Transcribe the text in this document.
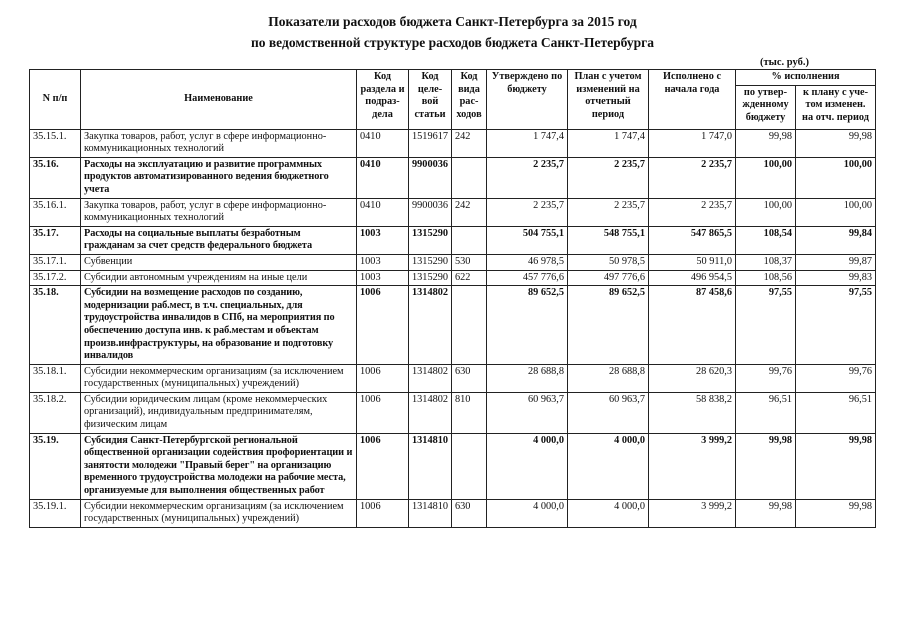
Показатели расходов бюджета Санкт-Петербурга за 2015 год
по ведомственной структуре расходов бюджета Санкт-Петербурга
(тыс. руб.)
N п/п	Наименование	Код раздела и подраз-дела	Код целе-вой статьи	Код вида рас-ходов	Утверждено по бюджету	План с учетом изменений на отчетный период	Исполнено с начала года	% исполнения	
								по утвер-жденному бюджету	к плану с уче-том изменен. на отч. период
35.15.1.	Закупка товаров, работ, услуг в сфере информационно-коммуникационных технологий	0410	1519617	242	1 747,4	1 747,4	1 747,0	99,98	99,98
35.16.	Расходы на эксплуатацию и развитие программных продуктов автоматизированного ведения бюджетного учета	0410	9900036		2 235,7	2 235,7	2 235,7	100,00	100,00
35.16.1.	Закупка товаров, работ, услуг в сфере информационно-коммуникационных технологий	0410	9900036	242	2 235,7	2 235,7	2 235,7	100,00	100,00
35.17.	Расходы на социальные выплаты безработным гражданам за счет средств федерального бюджета	1003	1315290		504 755,1	548 755,1	547 865,5	108,54	99,84
35.17.1.	Субвенции	1003	1315290	530	46 978,5	50 978,5	50 911,0	108,37	99,87
35.17.2.	Субсидии автономным учреждениям на иные цели	1003	1315290	622	457 776,6	497 776,6	496 954,5	108,56	99,83
35.18.	Субсидии на возмещение расходов по созданию, модернизации раб.мест, в т.ч. специальных, для трудоустройства инвалидов в СПб, на мероприятия по обеспечению доступа инв. к раб.местам и объектам произв.инфраструктуры, на образование и подготовку инвалидов	1006	1314802		89 652,5	89 652,5	87 458,6	97,55	97,55
35.18.1.	Субсидии некоммерческим организациям (за исключением государственных (муниципальных) учреждений)	1006	1314802	630	28 688,8	28 688,8	28 620,3	99,76	99,76
35.18.2.	Субсидии юридическим лицам (кроме некоммерческих организаций), индивидуальным предпринимателям, физическим лицам	1006	1314802	810	60 963,7	60 963,7	58 838,2	96,51	96,51
35.19.	Субсидия Санкт-Петербургской региональной общественной организации содействия профориентации и занятости молодежи "Правый берег" на организацию временного трудоустройства молодежи на рабочие места, организуемые для выполнения общественных работ	1006	1314810		4 000,0	4 000,0	3 999,2	99,98	99,98
35.19.1.	Субсидии некоммерческим организациям (за исключением государственных (муниципальных) учреждений)	1006	1314810	630	4 000,0	4 000,0	3 999,2	99,98	99,98
